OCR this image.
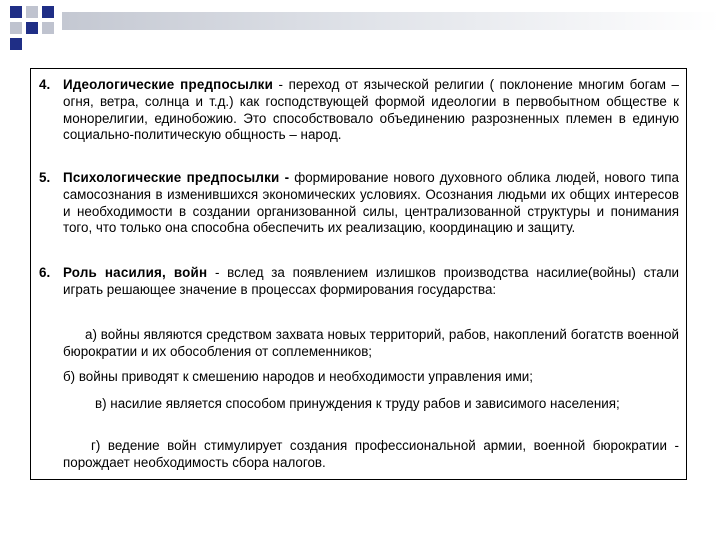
4. Идеологические предпосылки - переход от языческой религии ( поклонение многим богам – огня, ветра, солнца и т.д.) как господствующей формой идеологии в первобытном обществе к монорелигии, единобожию. Это способствовало объединению разрозненных племен в единую социально-политическую общность – народ.
5. Психологические предпосылки - формирование нового духовного облика людей, нового типа самосознания в изменившихся экономических условиях. Осознания людьми их общих интересов и необходимости в создании организованной силы, централизованной структуры и понимания того, что только она способна обеспечить их реализацию, координацию и защиту.
6. Роль насилия, войн - вслед за появлением излишков производства насилие(войны) стали играть решающее значение в процессах формирования государства:
а) войны являются средством захвата новых территорий, рабов, накоплений богатств военной бюрократии и их обособления от соплеменников;
б) войны приводят к смешению народов и необходимости управления ими;
в) насилие является способом принуждения к труду рабов и зависимого населения;
г) ведение войн стимулирует создания профессиональной армии, военной бюрократии - порождает необходимость сбора налогов.
